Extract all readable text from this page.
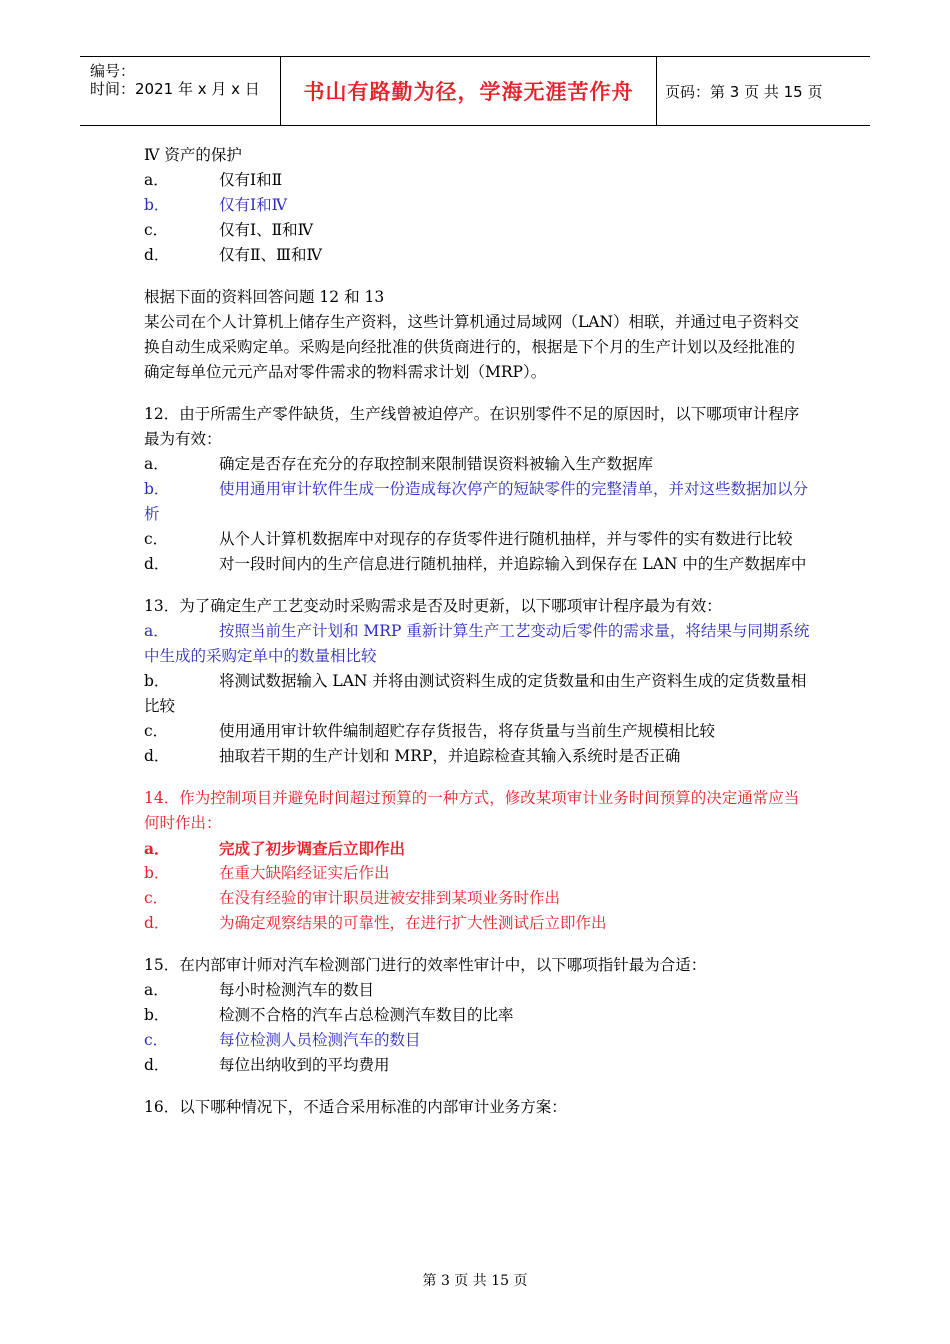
编号：
时间：2021 年 x 月 x 日 书山有路勤为径，学海无涯苦作舟 页码：第 3 页 共 15 页

Ⅳ 资产的保护

a．	仅有Ⅰ和Ⅱ
b．	仅有Ⅰ和Ⅳ
c．	仅有Ⅰ、Ⅱ和Ⅳ
d．	仅有Ⅱ、Ⅲ和Ⅳ

根据下面的资料回答问题 12 和 13

某公司在个人计算机上储存生产资料，这些计算机通过局域网（LAN）相联，并通过电子资料交换自动生成采购定单。采购是向经批准的供货商进行的，根据是下个月的生产计划以及经批准的确定每单位元元产品对零件需求的物料需求计划（MRP）。

12．由于所需生产零件缺货，生产线曾被迫停产。在识别零件不足的原因时，以下哪项审计程序最为有效：

a．	确定是否存在充分的存取控制来限制错误资料被输入生产数据库

b．	使用通用审计软件生成一份造成每次停产的短缺零件的完整清单，并对这些数据加以分析

c．	从个人计算机数据库中对现存的存货零件进行随机抽样，并与零件的实有数进行比较

d．	对一段时间内的生产信息进行随机抽样，并追踪输入到保存在 LAN 中的生产数据库中

13．为了确定生产工艺变动时采购需求是否及时更新，以下哪项审计程序最为有效：

a．	按照当前生产计划和 MRP 重新计算生产工艺变动后零件的需求量，将结果与同期系统中生成的采购定单中的数量相比较

b．	将测试数据输入 LAN 并将由测试资料生成的定货数量和由生产资料生成的定货数量相比较

c．	使用通用审计软件编制超贮存存货报告，将存货量与当前生产规模相比较
d．	抽取若干期的生产计划和 MRP，并追踪检查其输入系统时是否正确

14．作为控制项目并避免时间超过预算的一种方式，修改某项审计业务时间预算的决定通常应当何时作出：

a．	完成了初步调查后立即作出
b．	在重大缺陷经证实后作出
c．	在没有经验的审计职员进被安排到某项业务时作出
d．	为确定观察结果的可靠性，在进行扩大性测试后立即作出

15．在内部审计师对汽车检测部门进行的效率性审计中，以下哪项指针最为合适：

a．	每小时检测汽车的数目
b．	检测不合格的汽车占总检测汽车数目的比率
c．	每位检测人员检测汽车的数目
d．	每位出纳收到的平均费用

16．以下哪种情况下，不适合采用标准的内部审计业务方案：

第 3 页 共 15 页
